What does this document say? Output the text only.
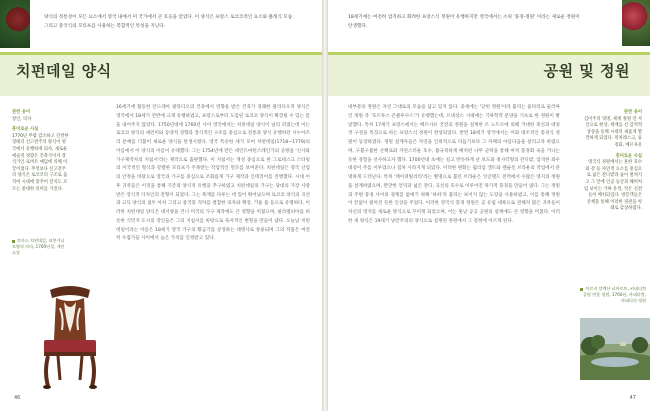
양식의 정통성이 모든 요소에서 영국 내에서 미 국가에서 큰 호응을 얻었다. 이 양식은 프랑스 로코코적인 요소와 클래식 모습 그리고 중국식의 모티프를 사용하는 복합적인 특성을 지닌다.

치펀데일 양식
관련 용어
장인, 의자
흥미로운 사실
1770년 무렵 검소하고 간결한 형태의 신고전주의 양식이 영국에서 유행하게 되자, 새로운 예술적 경향은 건축가이자 장식가인 로버트 애덤에 의해 이끌어졌다. 무엇보다 신고전주의 양식은 로코코의 구조로 움직여 시대에 맞추어 갈지도 모르는 중대한 의미를 가진다.
토마스 치펀데일, 리봉가나 모양의 의자, 1760년경, 개인 소장

16세기에 활동한 안드레아 팔라디오의 건축에서 영향을 받은 건축가 경쾌한 팔라디오적 양식은 영국에서 18세기 전반에 크게 유행하였고, 프랑스로부터 도입된 로코코 양식이 확장될 수 있는 틈을 내어주지 않았다. 1750년대에 1760년 사이 영국에서는 치펀데일 양식이 널리 퍼졌는데 이는 로코코 양식의 세련미와 동양적 경향과 장식적인 구조를 중심으로 전통과 양식 유행하던 시누아즈리 문예를 더불어 새로운 양식을 탄생시켰다. 영국 특유한 세가 모여 치펀데일(1718~1779)의 이름에서 이 양식의 이름이 유래했다. 그는 1754년에 만든 세인트마틴스레인가의 공방을 '신사와 가구제작자의 지침서'라는 제작으로 출판했다. 이 지침서는 개성 중심으로 한 그로테스크 스타일의 이국적인 형식과 강렬한 모티프가 주목받는 작업적인 면모를 보여준다. 치펀데일은 영국 산업의 안정을 바탕으로 영국과 가구를 중심으로 조화롭게 가구 제작과 인테리어를 진행했다. 시대 이후 귀족들은 이것을 통해 기존의 양식적 유행을 추구하였고 치펀데일의 가구는 당대의 가장 사랑받은 장식적 디자인의 전형이 되었다. 그는 목재를 다루는 데 있어 뛰어났으며 로코코 양식의 곡선과 고딕 양식의 첨두 아치 그리고 중국풍 격자를 결합한 의자와 책장, 거울 틀 등으로 유명하다. 이러한 치펀데일 양식은 대서양을 건너 미국의 가구 제작에도 큰 영향을 미쳤으며, 필라델피아를 비롯한 식민지 도시의 장인들은 그의 지침서를 바탕으로 독자적인 변형을 만들어 냈다. 오늘날 치펀데일이라는 이름은 18세기 영국 가구의 황금기를 상징하는 대명사로 통용되며 그의 작품은 여전히 수집가들 사이에서 높은 가치를 인정받고 있다.

46

18세기에는 여전히 엄격하고 화려한 프랑스식 정원이 유행하지만 영국에서는 소위 '풍경-정원' 이라는 새로운 정원이 탄생했다.

공원 및 정원

대부분의 정원은 자연 그대로의 모습을 담고 있지 않다. 중세에는 '닫힌 정원'이라 불리는 울타리로 둘러싸인 정원 즉 '호르투스 콘클루수스'가 유행했는데, 르네상스 시대에는 기하학적 문양을 기초로 한 정원이 발달했다. 특히 17세기 프랑스에서는 베르사유 궁전의 정원을 설계한 르 노트르에 의해 거대한 축선과 대칭적 구성을 특징으로 하는 프랑스식 정원이 완성되었다. 반면 18세기 영국에서는 이와 대조적인 풍경식 정원이 등장하였다. 정원 설계자들은 자연을 인위적으로 다듬기보다 그 자체의 아름다움을 살리고자 하였으며, 구불구불한 산책로와 자연스러운 호수, 불규칙하게 배치된 나무 군락을 통해 마치 풍경화 속을 거니는 듯한 경험을 선사하고자 했다. 1700년대 초에는 길고 반듯하게 난 보도와 정사각형의 잔디밭, 엄격한 좌우 대칭이 주를 이루었으나 점차 사라지게 되었다. 이러한 변화는 윌리엄 켄트와 랜슬롯 브라운의 작업에서 분명하게 드러난다. 특히 '케이퍼빌리티'라는 별명으로 불린 브라운은 잉글랜드 전역에서 수많은 영지의 정원을 설계하였으며, 완만한 언덕과 넓은 잔디, 곡선의 호수로 이루어진 목가적 풍경을 만들어 냈다. 그는 정원과 주변 풍경 사이의 경계를 없애기 위해 '하하'라 불리는 보이지 않는 도랑을 사용하였고, 이를 통해 정원이 끝없이 펼쳐진 듯한 인상을 주었다. 이러한 영국식 풍경 정원은 곧 유럽 대륙으로 전해져 많은 귀족들이 자신의 영지를 새로운 방식으로 꾸미게 되었으며, 이는 훗날 공공 공원의 설계에도 큰 영향을 미쳤다. 이러한 새 양식은 19세기 낭만주의의 양식으로 설계된 정원에서 그 절정에 이르게 된다.

관련 용어
심미주의 혁명, 세계 정원 연 사인으로 현상, 세계를 신 감적적 상상을 통해 시대의 새롭게 발견하게 되었다. 픽처레스크, 풍경화, 베르사유
흥미로운 사실
영국식 정원에서는 흔한 호수와 강 등 자연적 요소를 중심으로 넓은 잔디밭과 숲이 펼쳐지고 그 안에 인공 동굴과 폐허처럼 보이는 가짜 유적, 작은 신전들이 배치되었다. 방문객들은 산책을 통해 이러한 경관을 차례로 감상하였다.
이르지 알렉산 피아르트, 커네티컷 공원 연못 정원, 1760년, 카네티컷, 카네티의 정원
47
